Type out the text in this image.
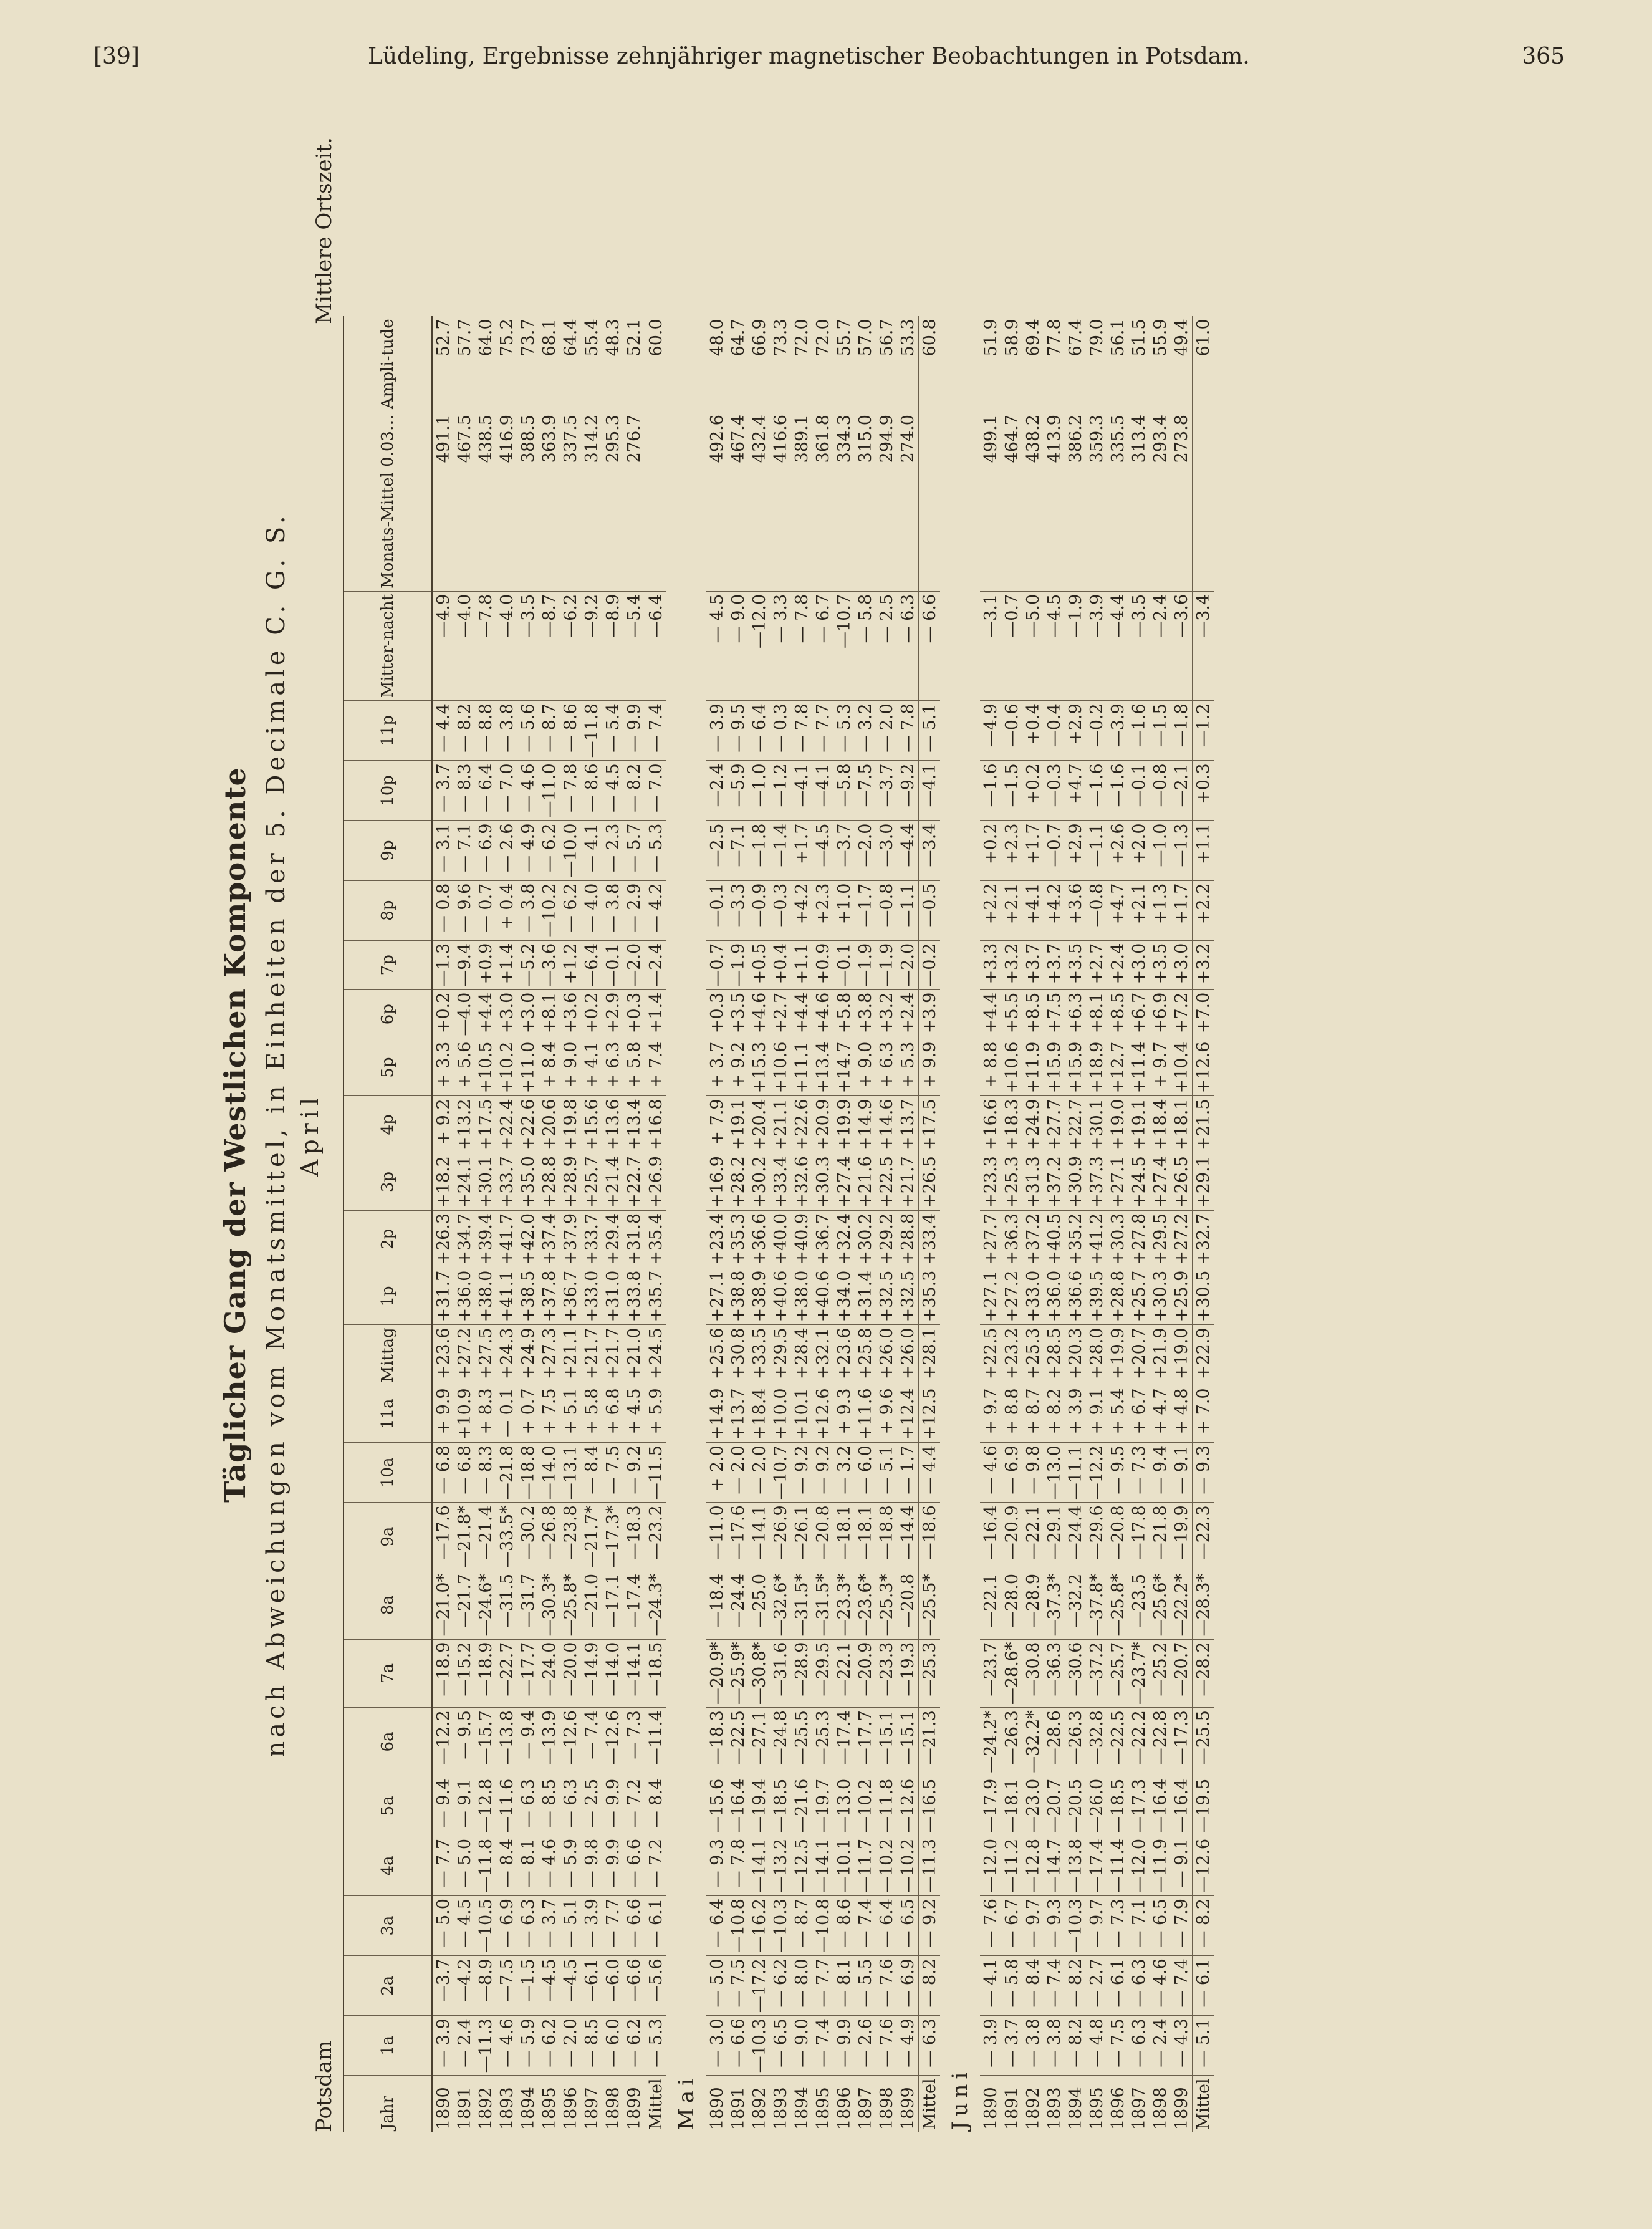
[39]	Lüdeling, Ergebnisse zehnjähriger magnetischer Beobachtungen in Potsdam.	365
Täglicher Gang der Westlichen Komponente nach Abweichungen vom Monatsmittel, in Einheiten der 5. Decimale C. G. S.
Potsdam
Mittlere Ortszeit.
April
Jahr	1a	2a	3a	4a	5a	6a	7a	8a	9a	10a	11a	Mittag	1p	2p	3p	4p	5p	6p	7p	8p	9p	10p	11p	Mitter-nacht	Monats-Mittel 0.03…	Ampli-tude
1890	— 3.9	—3.7	— 5.0	— 7.7	— 9.4	—12.2	—18.9	—21.0*	—17.6	— 6.8	+ 9.9	+23.6	+31.7	+26.3	+18.2	+ 9.2	+ 3.3	+0.2	—1.3	— 0.8	— 3.1	— 3.7	— 4.4	—4.9	491.1	52.7
1891	— 2.4	—4.2	— 4.5	— 5.0	— 9.1	— 9.5	—15.2	—21.7	—21.8*	— 6.8	+10.9	+27.2	+36.0	+34.7	+24.1	+13.2	+ 5.6	—4.0	—9.4	— 9.6	— 7.1	— 8.3	— 8.2	—4.0	467.5	57.7
1892	—11.3	—8.9	—10.5	—11.8	—12.8	—15.7	—18.9	—24.6*	—21.4	— 8.3	+ 8.3	+27.5	+38.0	+39.4	+30.1	+17.5	+10.5	+4.4	+0.9	— 0.7	— 6.9	— 6.4	— 8.8	—7.8	438.5	64.0
1893	— 4.6	—7.5	— 6.9	— 8.4	—11.6	—13.8	—22.7	—31.5	—33.5*	—21.8	— 0.1	+24.3	+41.1	+41.7	+33.7	+22.4	+10.2	+3.0	+1.4	+ 0.4	— 2.6	— 7.0	— 3.8	—4.0	416.9	75.2
1894	— 5.9	—1.5	— 6.3	— 8.1	— 6.3	— 9.4	—17.7	—31.7	—30.2	—18.8	+ 0.7	+24.9	+38.5	+42.0	+35.0	+22.6	+11.0	+3.0	—5.2	— 3.8	— 4.9	— 4.6	— 5.6	—3.5	388.5	73.7
1895	— 6.2	—4.5	— 3.7	— 4.6	— 8.5	—13.9	—24.0	—30.3*	—26.8	—14.0	+ 7.5	+27.3	+37.8	+37.4	+28.8	+20.6	+ 8.4	+8.1	—3.6	—10.2	— 6.2	—11.0	— 8.7	—8.7	363.9	68.1
1896	— 2.0	—4.5	— 5.1	— 5.9	— 6.3	—12.6	—20.0	—25.8*	—23.8	—13.1	+ 5.1	+21.1	+36.7	+37.9	+28.9	+19.8	+ 9.0	+3.6	+1.2	— 6.2	—10.0	— 7.8	— 8.6	—6.2	337.5	64.4
1897	— 8.5	—6.1	— 3.9	— 9.8	— 2.5	— 7.4	—14.9	—21.0	—21.7*	— 8.4	+ 5.8	+21.7	+33.0	+33.7	+25.7	+15.6	+ 4.1	+0.2	—6.4	— 4.0	— 4.1	— 8.6	—11.8	—9.2	314.2	55.4
1898	— 6.0	—6.0	— 7.7	— 9.9	— 9.9	—12.6	—14.0	—17.1	—17.3*	— 7.5	+ 6.8	+21.7	+31.0	+29.4	+21.4	+13.6	+ 6.3	+2.9	—0.1	— 3.8	— 2.3	— 4.5	— 5.4	—8.9	295.3	48.3
1899	— 6.2	—6.6	— 6.6	— 6.6	— 7.2	— 7.3	—14.1	—17.4	—18.3	— 9.2	+ 4.5	+21.0	+33.8	+31.8	+22.7	+13.4	+ 5.8	+0.3	—2.0	— 2.9	— 5.7	— 8.2	— 9.9	—5.4	276.7	52.1
Mittel	— 5.3	—5.6	— 6.1	— 7.2	— 8.4	—11.4	—18.5	—24.3*	—23.2	—11.5	+ 5.9	+24.5	+35.7	+35.4	+26.9	+16.8	+ 7.4	+1.4	—2.4	— 4.2	— 5.3	— 7.0	— 7.4	—6.4		60.0
Mai																										
1890	— 3.0	— 5.0	— 6.4	— 9.3	—15.6	—18.3	—20.9*	—18.4	—11.0	+ 2.0	+14.9	+25.6	+27.1	+23.4	+16.9	+ 7.9	+ 3.7	+0.3	—0.7	—0.1	—2.5	—2.4	— 3.9	— 4.5	492.6	48.0
1891	— 6.6	— 7.5	—10.8	— 7.8	—16.4	—22.5	—25.9*	—24.4	—17.6	— 2.0	+13.7	+30.8	+38.8	+35.3	+28.2	+19.1	+ 9.2	+3.5	—1.9	—3.3	—7.1	—5.9	— 9.5	— 9.0	467.4	64.7
1892	—10.3	—17.2	—16.2	—14.1	—19.4	—27.1	—30.8*	—25.0	—14.1	— 2.0	+18.4	+33.5	+38.9	+36.6	+30.2	+20.4	+15.3	+4.6	+0.5	—0.9	—1.8	—1.0	— 6.4	—12.0	432.4	66.9
1893	— 6.5	— 6.2	—10.3	—13.2	—18.5	—24.8	—31.6	—32.6*	—26.9	—10.7	+10.0	+29.5	+40.6	+40.0	+33.4	+21.1	+10.6	+2.7	+0.4	—0.3	—1.4	—1.2	— 0.3	— 3.3	416.6	73.3
1894	— 9.0	— 8.0	— 8.7	—12.5	—21.6	—25.5	—28.9	—31.5*	—26.1	— 9.2	+10.1	+28.4	+38.0	+40.9	+32.6	+22.6	+11.1	+4.4	+1.1	+4.2	+1.7	—4.1	— 7.8	— 7.8	389.1	72.0
1895	— 7.4	— 7.7	—10.8	—14.1	—19.7	—25.3	—29.5	—31.5*	—20.8	— 9.2	+12.6	+32.1	+40.6	+36.7	+30.3	+20.9	+13.4	+4.6	+0.9	+2.3	—4.5	—4.1	— 7.7	— 6.7	361.8	72.0
1896	— 9.9	— 8.1	— 8.6	—10.1	—13.0	—17.4	—22.1	—23.3*	—18.1	— 3.2	+ 9.3	+23.6	+34.0	+32.4	+27.4	+19.9	+14.7	+5.8	—0.1	+1.0	—3.7	—5.8	— 5.3	—10.7	334.3	55.7
1897	— 2.6	— 5.5	— 7.4	—11.7	—10.2	—17.7	—20.9	—23.6*	—18.1	— 6.0	+11.6	+25.8	+31.4	+30.2	+21.6	+14.9	+ 9.0	+3.8	—1.9	—1.7	—2.0	—7.5	— 3.2	— 5.8	315.0	57.0
1898	— 7.6	— 7.6	— 6.4	—10.2	—11.8	—15.1	—23.3	—25.3*	—18.8	— 5.1	+ 9.6	+26.0	+32.5	+29.2	+22.5	+14.6	+ 6.3	+3.2	—1.9	—0.8	—3.0	—3.7	— 2.0	— 2.5	294.9	56.7
1899	— 4.9	— 6.9	— 6.5	—10.2	—12.6	—15.1	—19.3	—20.8	—14.4	— 1.7	+12.4	+26.0	+32.5	+28.8	+21.7	+13.7	+ 5.3	+2.4	—2.0	—1.1	—4.4	—9.2	— 7.8	— 6.3	274.0	53.3
Mittel	— 6.3	— 8.2	— 9.2	—11.3	—16.5	—21.3	—25.3	—25.5*	—18.6	— 4.4	+12.5	+28.1	+35.3	+33.4	+26.5	+17.5	+ 9.9	+3.9	—0.2	—0.5	—3.4	—4.1	— 5.1	— 6.6		60.8
Juni																										
1890	— 3.9	— 4.1	— 7.6	—12.0	—17.9	—24.2*	—23.7	—22.1	—16.4	— 4.6	+ 9.7	+22.5	+27.1	+27.7	+23.3	+16.6	+ 8.8	+4.4	+3.3	+2.2	+0.2	—1.6	—4.9	—3.1	499.1	51.9
1891	— 3.7	— 5.8	— 6.7	—11.2	—18.1	—26.3	—28.6*	—28.0	—20.9	— 6.9	+ 8.8	+23.2	+27.2	+36.3	+25.3	+18.3	+10.6	+5.5	+3.2	+2.1	+2.3	—1.5	—0.6	—0.7	464.7	58.9
1892	— 3.8	— 8.4	— 9.7	—12.8	—23.0	—32.2*	—30.8	—28.9	—22.1	— 9.8	+ 8.7	+25.3	+33.0	+37.2	+31.3	+24.9	+11.9	+8.5	+3.7	+4.1	+1.7	+0.2	+0.4	—5.0	438.2	69.4
1893	— 3.8	— 7.4	— 9.3	—14.7	—20.7	—28.6	—36.3	—37.3*	—29.1	—13.0	+ 8.2	+28.5	+36.0	+40.5	+37.2	+27.7	+15.9	+7.5	+3.7	+4.2	—0.7	—0.3	—0.4	—4.5	413.9	77.8
1894	— 8.2	— 8.2	—10.3	—13.8	—20.5	—26.3	—30.6	—32.2	—24.4	—11.1	+ 3.9	+20.3	+36.6	+35.2	+30.9	+22.7	+15.9	+6.3	+3.5	+3.6	+2.9	+4.7	+2.9	—1.9	386.2	67.4
1895	— 4.8	— 2.7	— 9.7	—17.4	—26.0	—32.8	—37.2	—37.8*	—29.6	—12.2	+ 9.1	+28.0	+39.5	+41.2	+37.3	+30.1	+18.9	+8.1	+2.7	—0.8	—1.1	—1.6	—0.2	—3.9	359.3	79.0
1896	— 7.5	— 6.1	— 7.3	—11.4	—18.5	—22.5	—25.7	—25.8*	—20.8	— 9.5	+ 5.4	+19.9	+28.8	+30.3	+27.1	+19.0	+12.7	+8.5	+2.4	+4.7	+2.6	—1.6	—3.9	—4.4	335.5	56.1
1897	— 6.3	— 6.3	— 7.1	—12.0	—17.3	—22.2	—23.7*	—23.5	—17.8	— 7.3	+ 6.7	+20.7	+25.7	+27.8	+24.5	+19.1	+11.4	+6.7	+3.0	+2.1	+2.0	—0.1	—1.6	—3.5	313.4	51.5
1898	— 2.4	— 4.6	— 6.5	—11.9	—16.4	—22.8	—25.2	—25.6*	—21.8	— 9.4	+ 4.7	+21.9	+30.3	+29.5	+27.4	+18.4	+ 9.7	+6.9	+3.5	+1.3	—1.0	—0.8	—1.5	—2.4	293.4	55.9
1899	— 4.3	— 7.4	— 7.9	— 9.1	—16.4	—17.3	—20.7	—22.2*	—19.9	— 9.1	+ 4.8	+19.0	+25.9	+27.2	+26.5	+18.1	+10.4	+7.2	+3.0	+1.7	—1.3	—2.1	—1.8	—3.6	273.8	49.4
Mittel	— 5.1	— 6.1	— 8.2	—12.6	—19.5	—25.5	—28.2	—28.3*	—22.3	— 9.3	+ 7.0	+22.9	+30.5	+32.7	+29.1	+21.5	+12.6	+7.0	+3.2	+2.2	+1.1	+0.3	—1.2	—3.4		61.0
